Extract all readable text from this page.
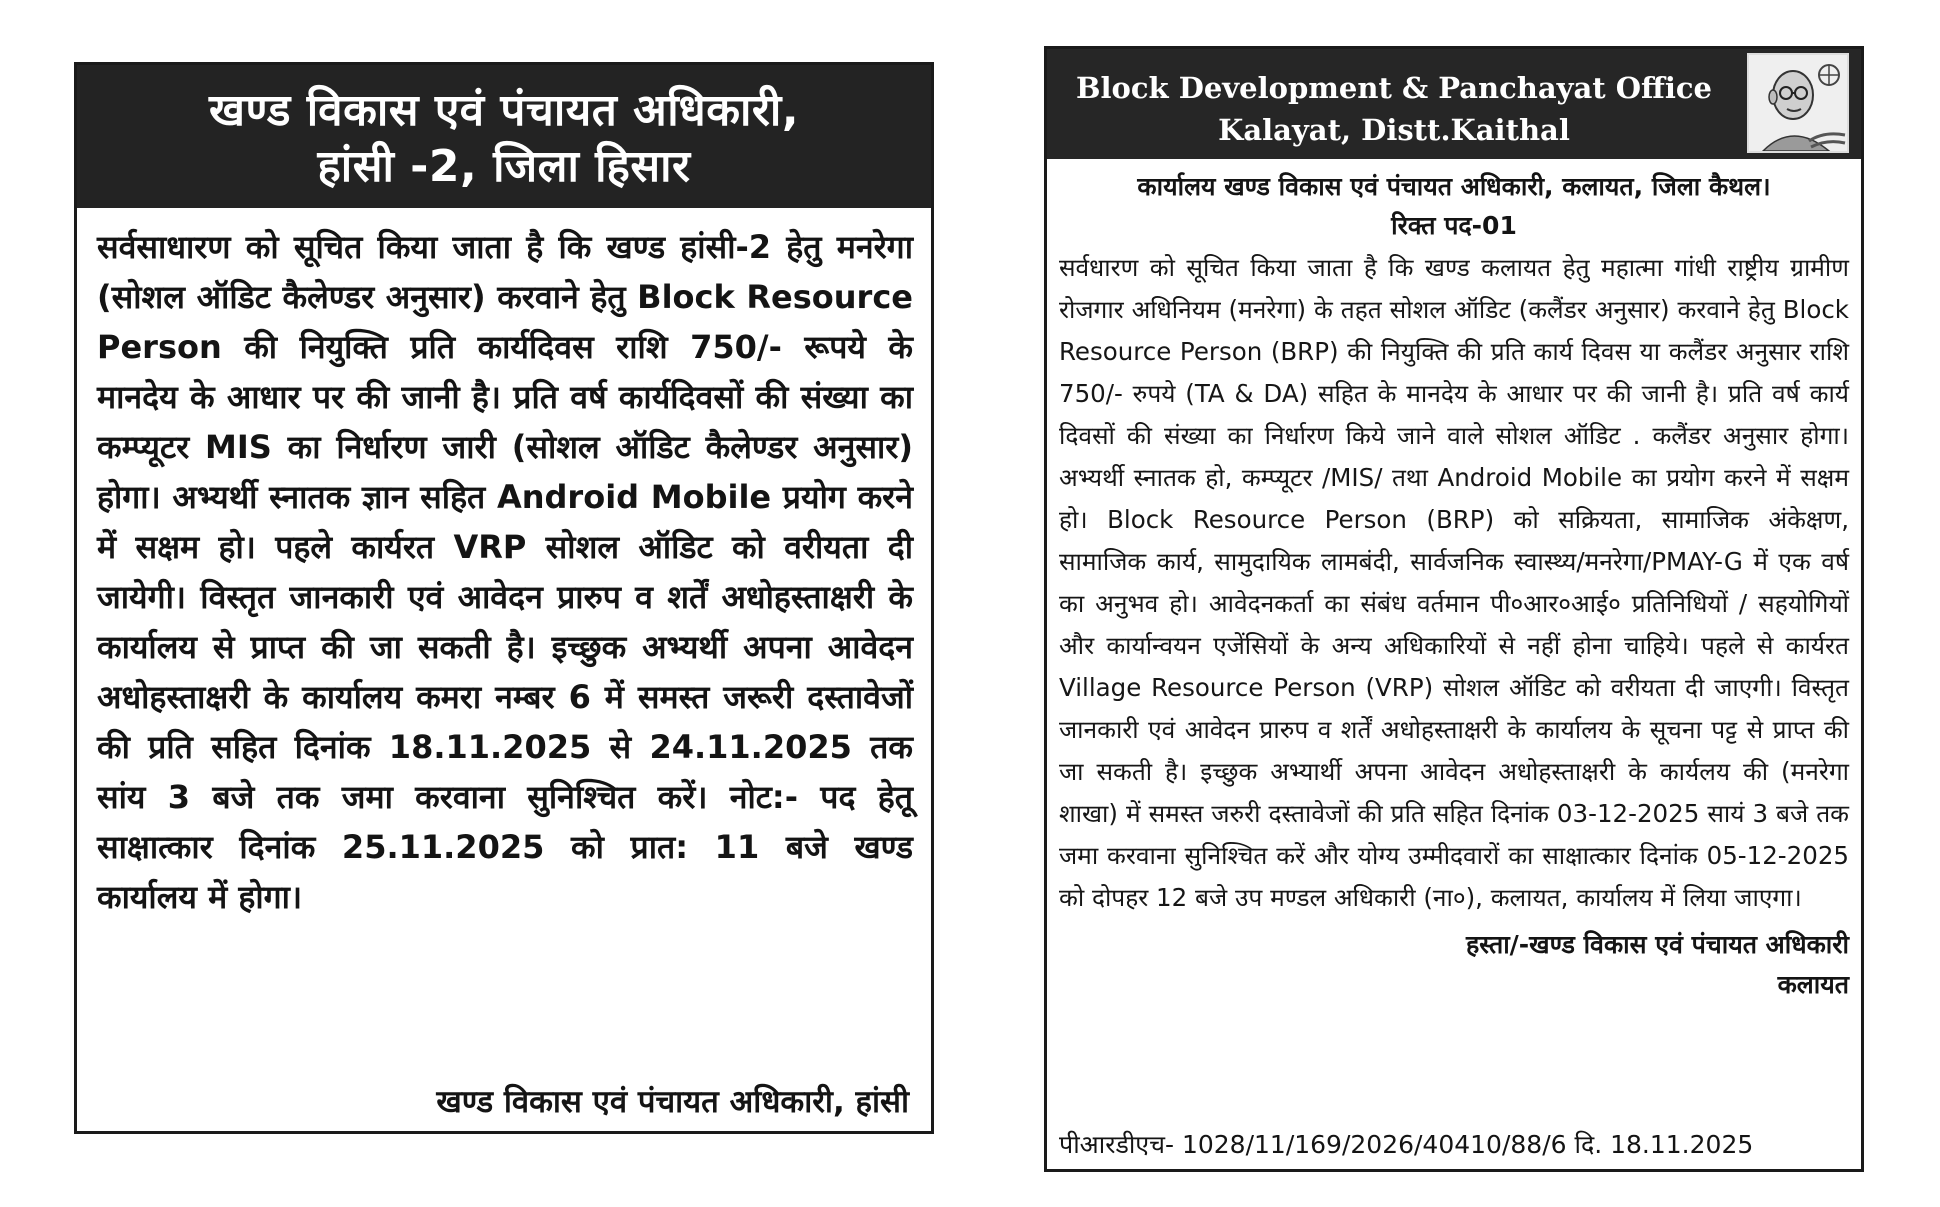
खण्ड विकास एवं पंचायत अधिकारी,
हांसी -2, जिला हिसार
सर्वसाधारण को सूचित किया जाता है कि खण्ड हांसी-2 हेतु मनरेगा (सोशल ऑडिट कैलेण्डर अनुसार) करवाने हेतु Block Resource Person की नियुक्ति प्रति कार्यदिवस राशि 750/- रूपये के मानदेय के आधार पर की जानी है। प्रति वर्ष कार्यदिवसों की संख्या का कम्प्यूटर MIS का निर्धारण जारी (सोशल ऑडिट कैलेण्डर अनुसार) होगा। अभ्यर्थी स्नातक ज्ञान सहित Android Mobile प्रयोग करने में सक्षम हो। पहले कार्यरत VRP सोशल ऑडिट को वरीयता दी जायेगी। विस्तृत जानकारी एवं आवेदन प्रारुप व शर्तें अधोहस्ताक्षरी के कार्यालय से प्राप्त की जा सकती है। इच्छुक अभ्यर्थी अपना आवेदन अधोहस्ताक्षरी के कार्यालय कमरा नम्बर 6 में समस्त जरूरी दस्तावेजों की प्रति सहित दिनांक 18.11.2025 से 24.11.2025 तक सांय 3 बजे तक जमा करवाना सुनिश्चित करें। नोट:- पद हेतू साक्षात्कार दिनांक 25.11.2025 को प्रात: 11 बजे खण्ड कार्यालय में होगा।
खण्ड विकास एवं पंचायत अधिकारी, हांसी
Block Development & Panchayat Office
Kalayat, Distt.Kaithal
कार्यालय खण्ड विकास एवं पंचायत अधिकारी, कलायत, जिला कैथल।
रिक्त पद-01
सर्वधारण को सूचित किया जाता है कि खण्ड कलायत हेतु महात्मा गांधी राष्ट्रीय ग्रामीण रोजगार अधिनियम (मनरेगा) के तहत सोशल ऑडिट (कलैंडर अनुसार) करवाने हेतु Block Resource Person (BRP) की नियुक्ति की प्रति कार्य दिवस या कलैंडर अनुसार राशि 750/- रुपये (TA & DA) सहित के मानदेय के आधार पर की जानी है। प्रति वर्ष कार्य दिवसों की संख्या का निर्धारण किये जाने वाले सोशल ऑडिट . कलैंडर अनुसार होगा। अभ्यर्थी स्नातक हो, कम्प्यूटर /MIS/ तथा Android Mobile का प्रयोग करने में सक्षम हो। Block Resource Person (BRP) को सक्रियता, सामाजिक अंकेक्षण, सामाजिक कार्य, सामुदायिक लामबंदी, सार्वजनिक स्वास्थ्य/मनरेगा/PMAY-G में एक वर्ष का अनुभव हो। आवेदनकर्ता का संबंध वर्तमान पी०आर०आई० प्रतिनिधियों / सहयोगियों और कार्यान्वयन एजेंसियों के अन्य अधिकारियों से नहीं होना चाहिये। पहले से कार्यरत Village Resource Person (VRP) सोशल ऑडिट को वरीयता दी जाएगी। विस्तृत जानकारी एवं आवेदन प्रारुप व शर्तें अधोहस्ताक्षरी के कार्यालय के सूचना पट्ट से प्राप्त की जा सकती है। इच्छुक अभ्यार्थी अपना आवेदन अधोहस्ताक्षरी के कार्यलय की (मनरेगा शाखा) में समस्त जरुरी दस्तावेजों की प्रति सहित दिनांक 03-12-2025 सायं 3 बजे तक जमा करवाना सुनिश्चित करें और योग्य उम्मीदवारों का साक्षात्कार दिनांक 05-12-2025 को दोपहर 12 बजे उप मण्डल अधिकारी (ना०), कलायत, कार्यालय में लिया जाएगा।
हस्ता/-खण्ड विकास एवं पंचायत अधिकारी
कलायत
पीआरडीएच- 1028/11/169/2026/40410/88/6 दि. 18.11.2025
